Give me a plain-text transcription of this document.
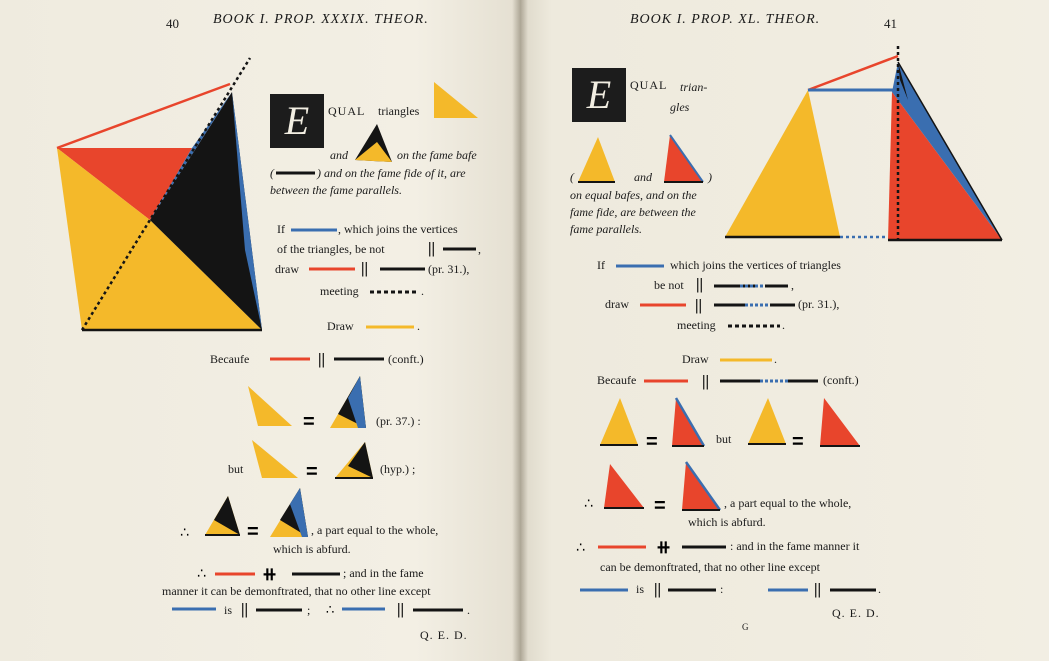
40 BOOK I. PROP. XXXIX. THEOR.
||
||
||
=
=
∴	=
∴	⧺
||	∴	||
E	QUAL triangles
and	on the fame bafe
(	) and on the fame fide of it, are
between the fame parallels.
If	, which joins the vertices
of the triangles, be not	,
draw	(pr. 31.),
meeting	.
Draw	.
Becaufe	(conft.)
(pr. 37.) :
but	(hyp.) ;
, a part equal to the whole,
which is abfurd.
; and in the fame
manner it can be demonftrated, that no other line except
is	;	.
Q. E. D.
BOOK I. PROP. XL. THEOR.	41
||
||
||
=	=
∴	=
∴	⧺
||	||
E	QUAL trian-
gles
(	and	)
on equal bafes, and on the
fame fide, are between the
fame parallels.
If	which joins the vertices of triangles
be not	,
draw	(pr. 31.),
meeting	.
Draw	.
Becaufe	(conft.)
but
, a part equal to the whole,
which is abfurd.
: and in the fame manner it
can be demonftrated, that no other line except
is	:	.
Q. E. D.
G
